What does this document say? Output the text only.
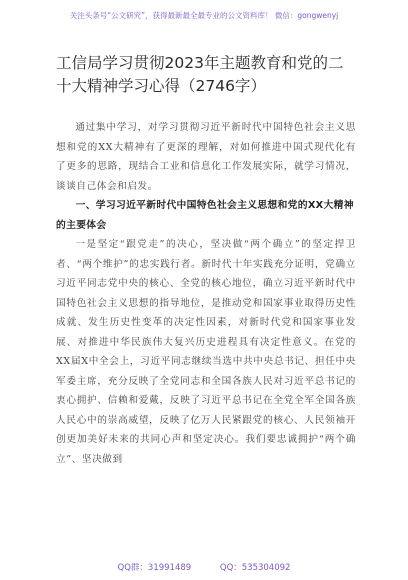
关注头条号“公文研究”，获得最新最全最专业的公文资料库！ 微信：gongwenyj
工信局学习贯彻2023年主题教育和党的二十大精神学习心得（2746字）

通过集中学习，对学习贯彻习近平新时代中国特色社会主义思想和党的XX大精神有了更深的理解，对如何推进中国式现代化有了更多的思路，现结合工业和信息化工作发展实际，就学习情况，谈谈自己体会和启发。

一、学习习近平新时代中国特色社会主义思想和党的XX大精神的主要体会

一是坚定“跟党走”的决心，坚决做“两个确立”的坚定捍卫者、“两个维护”的忠实践行者。新时代十年实践充分证明，党确立习近平同志党中央的核心、全党的核心地位，确立习近平新时代中国特色社会主义思想的指导地位，是推动党和国家事业取得历史性成就、发生历史性变革的决定性因素，对新时代党和国家事业发展、对推进中华民族伟大复兴历史进程具有决定性意义。在党的XX届X中全会上，习近平同志继续当选中共中央总书记、担任中央军委主席，充分反映了全党同志和全国各族人民对习近平总书记的衷心拥护、信赖和爱戴，反映了习近平总书记在全党全军全国各族人民心中的崇高威望，反映了亿万人民紧跟党的核心、人民领袖开创更加美好未来的共同心声和坚定决心。我们要忠诚拥护“两个确立”、坚决做到

QQ群：31991489	QQ：535304092
